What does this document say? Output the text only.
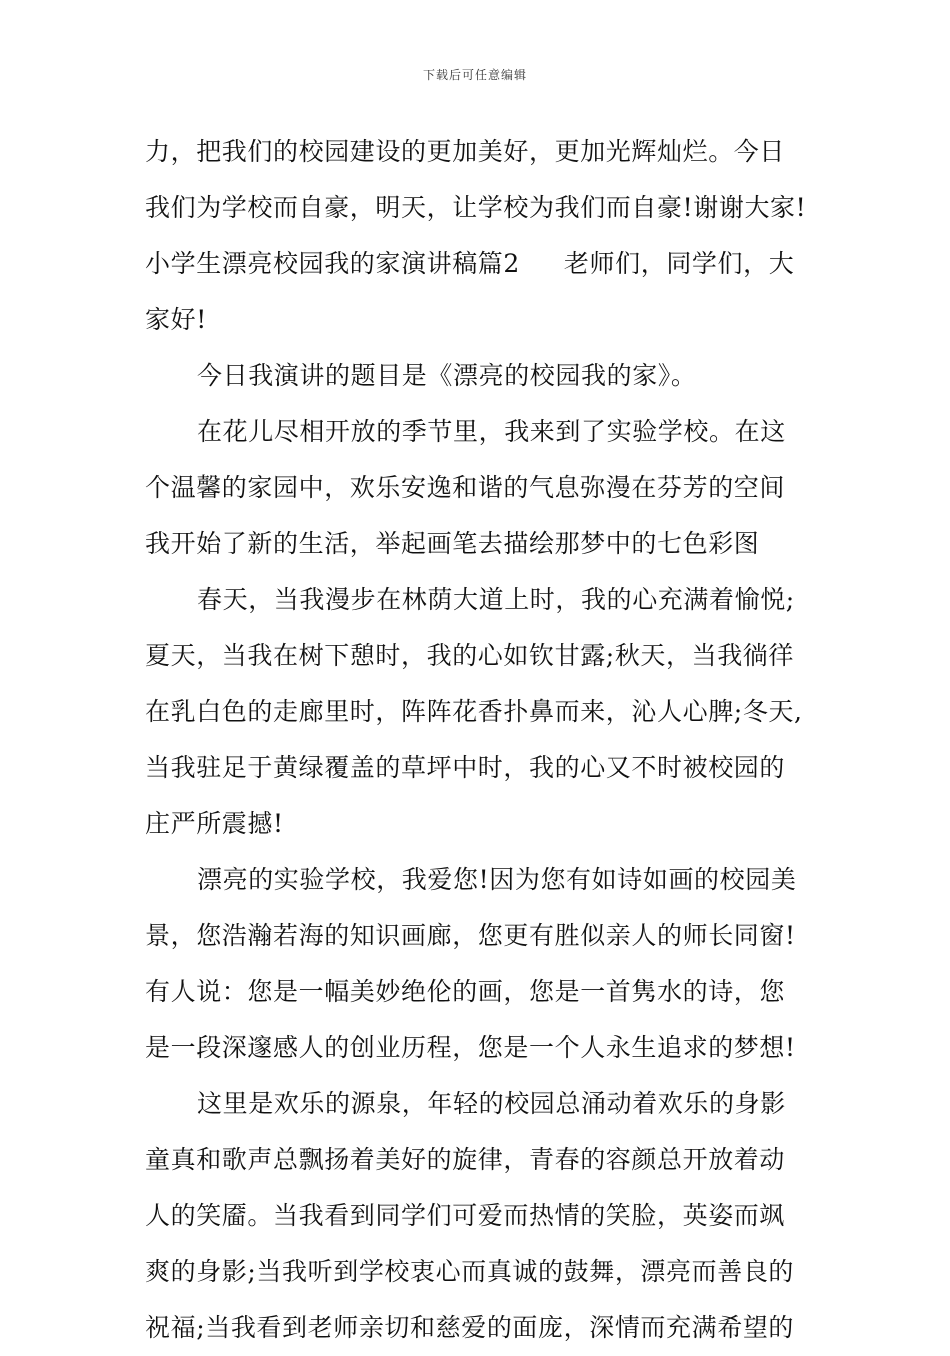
下载后可任意编辑
力，把我们的校园建设的更加美好，更加光辉灿烂。今日
我们为学校而自豪，明天，让学校为我们而自豪!谢谢大家!
小学生漂亮校园我的家演讲稿篇2 老师们，同学们，大
家好!
今日我演讲的题目是《漂亮的校园我的家》。
在花儿尽相开放的季节里，我来到了实验学校。在这
个温馨的家园中，欢乐安逸和谐的气息弥漫在芬芳的空间
我开始了新的生活，举起画笔去描绘那梦中的七色彩图
春天，当我漫步在林荫大道上时，我的心充满着愉悦;
夏天，当我在树下憩时，我的心如钦甘露;秋天，当我徜徉
在乳白色的走廊里时，阵阵花香扑鼻而来，沁人心脾;冬天,
当我驻足于黄绿覆盖的草坪中时，我的心又不时被校园的
庄严所震撼!
漂亮的实验学校，我爱您!因为您有如诗如画的校园美
景，您浩瀚若海的知识画廊，您更有胜似亲人的师长同窗!
有人说：您是一幅美妙绝伦的画，您是一首隽水的诗，您
是一段深邃感人的创业历程，您是一个人永生追求的梦想!
这里是欢乐的源泉，年轻的校园总涌动着欢乐的身影
童真和歌声总飘扬着美好的旋律，青春的容颜总开放着动
人的笑靥。当我看到同学们可爱而热情的笑脸，英姿而飒
爽的身影;当我听到学校衷心而真诚的鼓舞，漂亮而善良的
祝福;当我看到老师亲切和慈爱的面庞，深情而充满希望的
